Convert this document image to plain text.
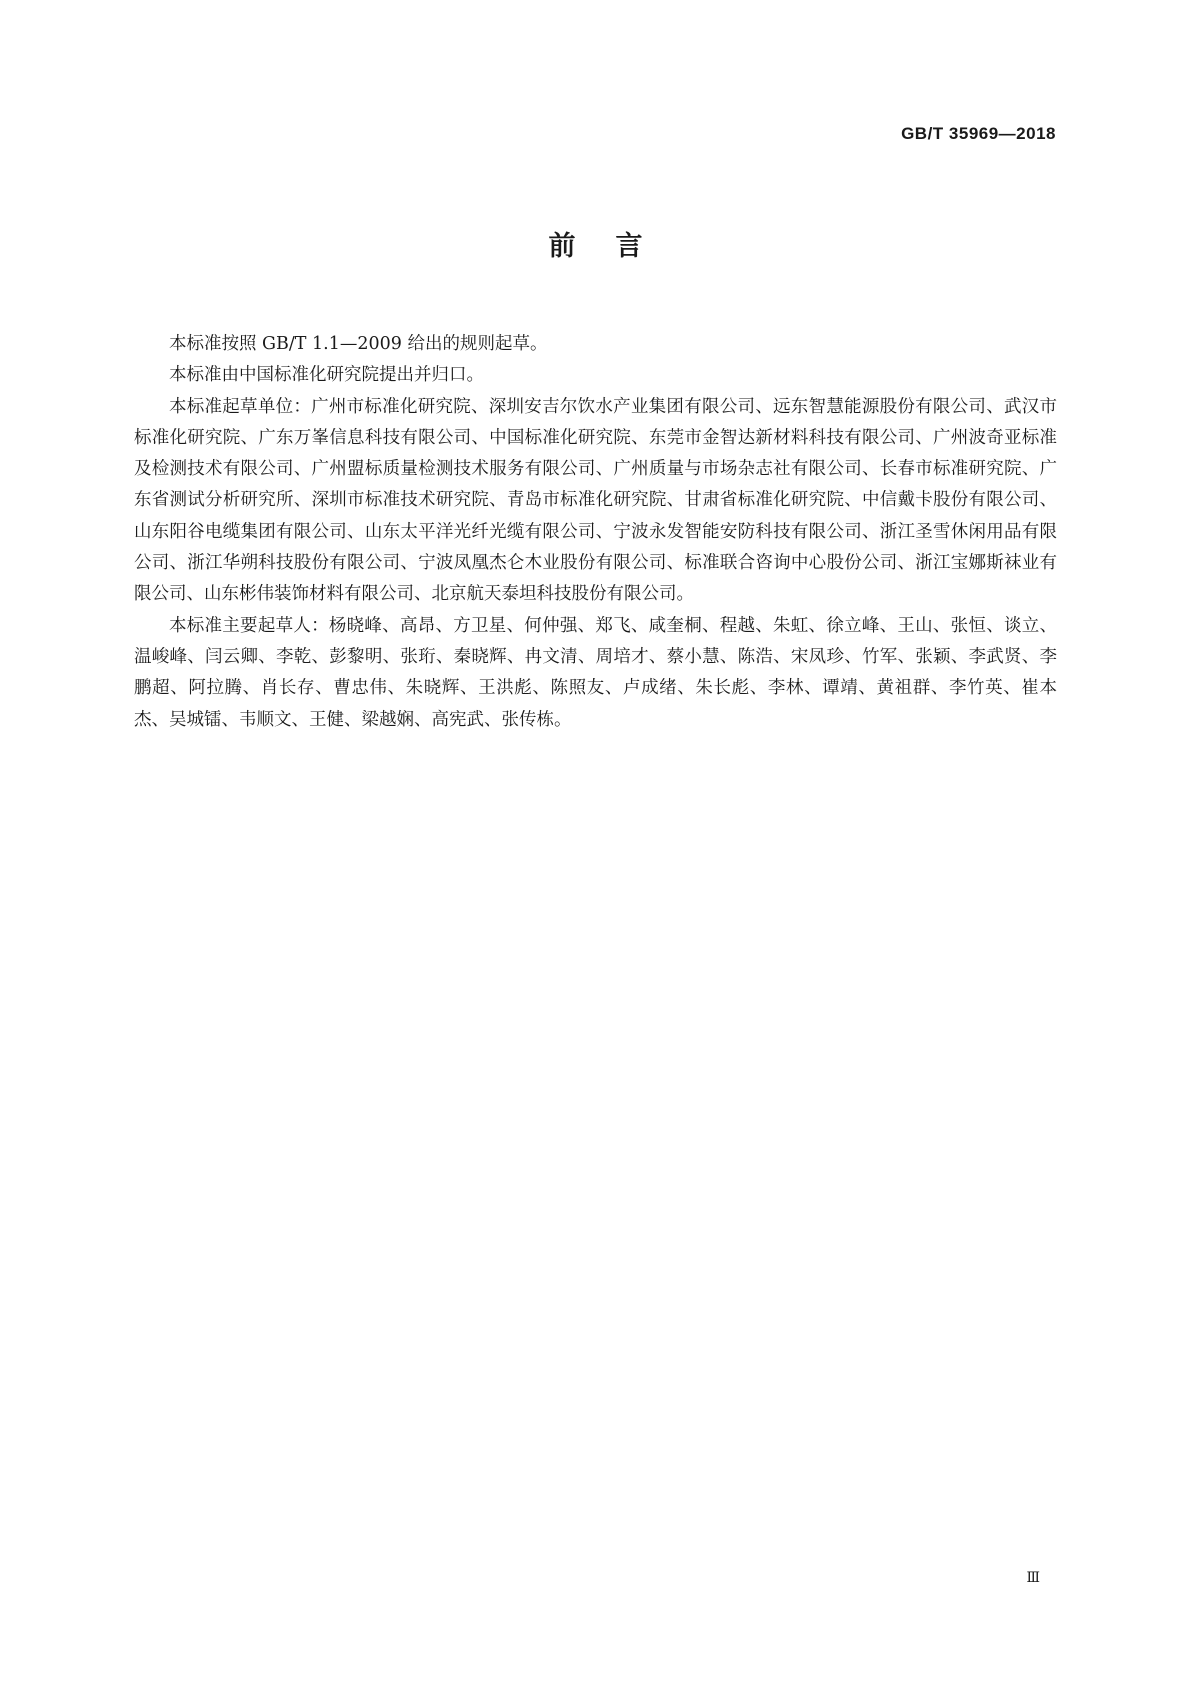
GB/T 35969—2018
前言

本标准按照 GB/T 1.1—2009 给出的规则起草。

本标准由中国标准化研究院提出并归口。

本标准起草单位：广州市标准化研究院、深圳安吉尔饮水产业集团有限公司、远东智慧能源股份有限公司、武汉市标准化研究院、广东万峯信息科技有限公司、中国标准化研究院、东莞市金智达新材料科技有限公司、广州波奇亚标准及检测技术有限公司、广州盟标质量检测技术服务有限公司、广州质量与市场杂志社有限公司、长春市标准研究院、广东省测试分析研究所、深圳市标准技术研究院、青岛市标准化研究院、甘肃省标准化研究院、中信戴卡股份有限公司、山东阳谷电缆集团有限公司、山东太平洋光纤光缆有限公司、宁波永发智能安防科技有限公司、浙江圣雪休闲用品有限公司、浙江华朔科技股份有限公司、宁波凤凰杰仑木业股份有限公司、标准联合咨询中心股份公司、浙江宝娜斯袜业有限公司、山东彬伟装饰材料有限公司、北京航天泰坦科技股份有限公司。

本标准主要起草人：杨晓峰、高昂、方卫星、何仲强、郑飞、咸奎桐、程越、朱虹、徐立峰、王山、张恒、谈立、温峻峰、闫云卿、李乾、彭黎明、张珩、秦晓辉、冉文清、周培才、蔡小慧、陈浩、宋凤珍、竹军、张颖、李武贤、李鹏超、阿拉腾、肖长存、曹忠伟、朱晓辉、王洪彪、陈照友、卢成绪、朱长彪、李林、谭靖、黄祖群、李竹英、崔本杰、吴城镭、韦顺文、王健、梁越娴、高宪武、张传栋。

Ⅲ
